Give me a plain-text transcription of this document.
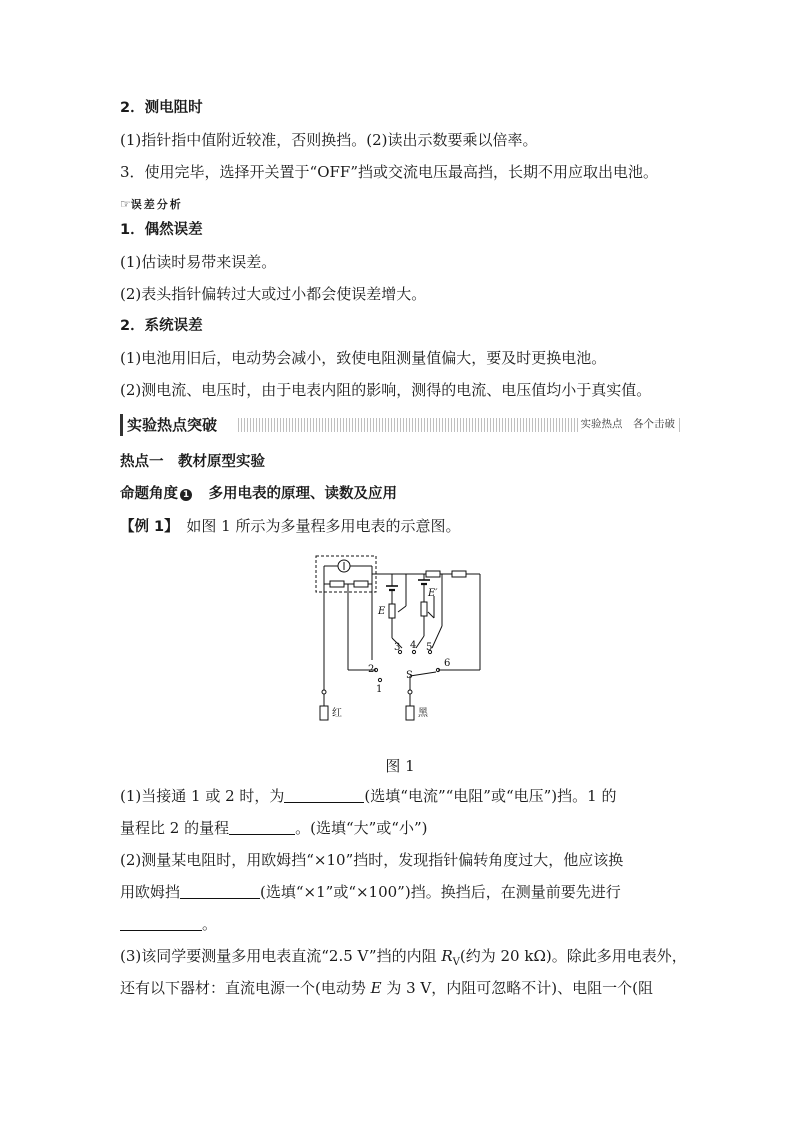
2．测电阻时
(1)指针指中值附近较准，否则换挡。(2)读出示数要乘以倍率。
3．使用完毕，选择开关置于“OFF”挡或交流电压最高挡，长期不用应取出电池。
☞误差分析
1．偶然误差
(1)估读时易带来误差。
(2)表头指针偏转过大或过小都会使误差增大。
2．系统误差
(1)电池用旧后，电动势会减小，致使电阻测量值偏大，要及时更换电池。
(2)测电流、电压时，由于电表内阻的影响，测得的电流、电压值均小于真实值。
实验热点突破	实验热点　各个击破
热点一　教材原型实验
命题角度 1　 多用电表的原理、读数及应用
【例 1】　 如图 1 所示为多量程多用电表的示意图。
E
E′
S
红	黑
1
2
3 4 5
6
图 1
(1)当接通 1 或 2 时，为	(选填“电流”“电阻”或“电压”)挡。1 的
量程比 2 的量程	。(选填“大”或“小”)
(2)测量某电阻时，用欧姆挡“×10”挡时，发现指针偏转角度过大，他应该换
用欧姆挡	(选填“×1”或“×100”)挡。换挡后，在测量前要先进行
。
(3)该同学要测量多用电表直流“2.5 V”挡的内阻 $R_V$(约为 20 kΩ)。除此多用电表外，
还有以下器材：直流电源一个(电动势 E 为 3 V，内阻可忽略不计)、电阻一个(阻
